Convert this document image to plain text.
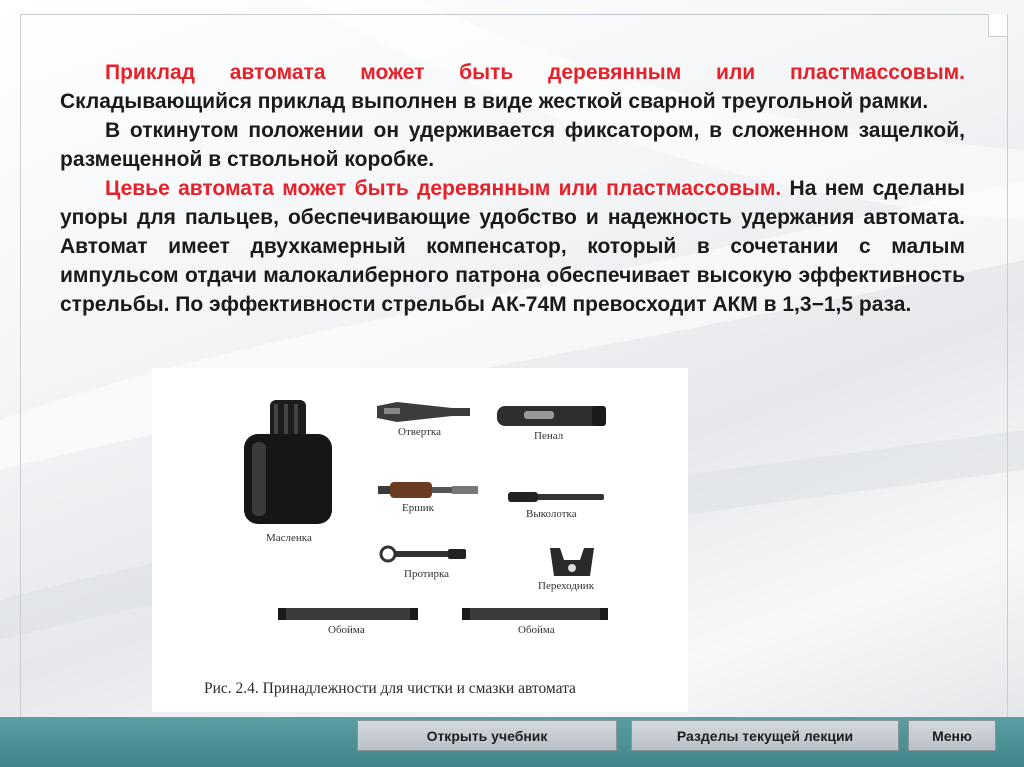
Приклад автомата может быть деревянным или пластмассовым. Складывающийся приклад выполнен в виде жесткой сварной треугольной рамки.

В откинутом положении он удерживается фиксатором, в сложенном защелкой, размещенной в ствольной коробке.

Цевье автомата может быть деревянным или пластмассовым. На нем сделаны упоры для пальцев, обеспечивающие удобство и надежность удержания автомата. Автомат имеет двухкамерный компенсатор, который в сочетании с малым импульсом отдачи малокалиберного патрона обеспечивает высокую эффективность стрельбы. По эффективности стрельбы АК-74М превосходит АКМ в 1,3−1,5 раза.

Масленка
Отвертка	Пенал
Ершик	Выколотка
Протирка
Переходник
Обойма	Обойма
Рис. 2.4. Принадлежности для чистки и смазки автомата
Открыть учебник	Разделы текущей лекции	Меню
